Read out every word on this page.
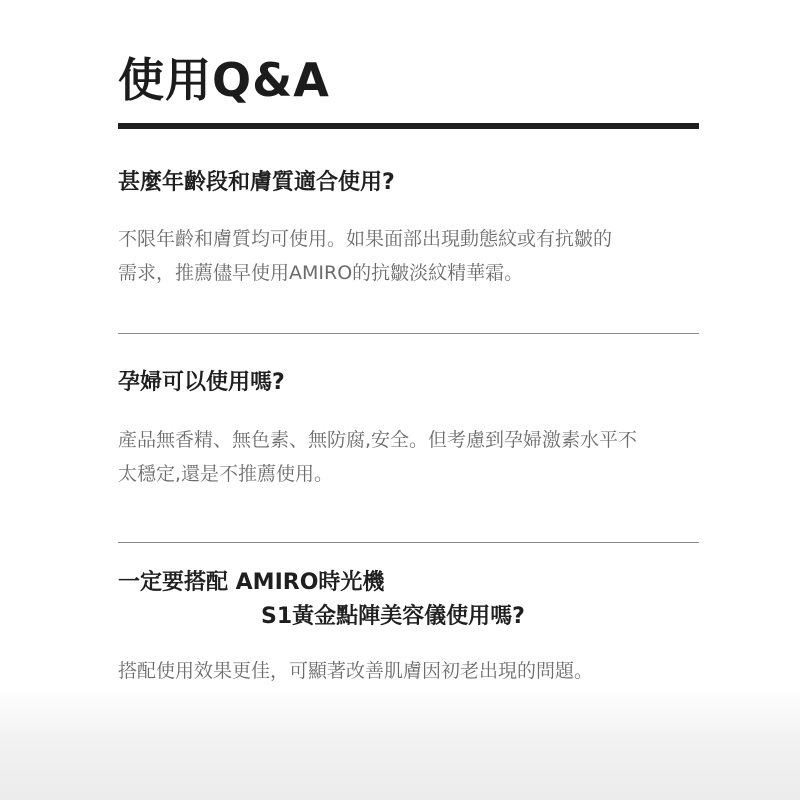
使用Q&A
甚麼年齡段和膚質適合使用?
不限年齡和膚質均可使用。如果面部出現動態紋或有抗皺的
需求，推薦儘早使用AMIRO的抗皺淡紋精華霜。
孕婦可以使用嗎?
產品無香精、無色素、無防腐,安全。但考慮到孕婦激素水平不
太穩定,還是不推薦使用。
一定要搭配 AMIRO時光機
S1黃金點陣美容儀使用嗎?
搭配使用效果更佳，可顯著改善肌膚因初老出現的問題。
